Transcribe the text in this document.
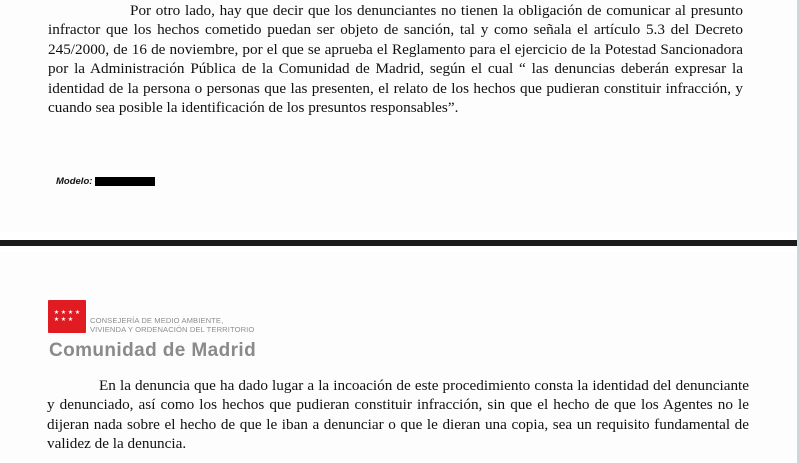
Por otro lado, hay que decir que los denunciantes no tienen la obligación de comunicar al presunto infractor que los hechos cometido puedan ser objeto de sanción, tal y como señala el artículo 5.3 del Decreto 245/2000, de 16 de noviembre, por el que se aprueba el Reglamento para el ejercicio de la Potestad Sancionadora por la Administración Pública de la Comunidad de Madrid, según el cual “ las denuncias deberán expresar la identidad de la persona o personas que las presenten, el relato de los hechos que pudieran constituir infracción, y cuando sea posible la identificación de los presuntos responsables”.

Modelo:
★ ★ ★ ★
★ ★ ★ CONSEJERÍA DE MEDIO AMBIENTE,
VIVIENDA Y ORDENACIÓN DEL TERRITORIO
Comunidad de Madrid

En la denuncia que ha dado lugar a la incoación de este procedimiento consta la identidad del denunciante y denunciado, así como los hechos que pudieran constituir infracción, sin que el hecho de que los Agentes no le dijeran nada sobre el hecho de que le iban a denunciar o que le dieran una copia, sea un requisito fundamental de validez de la denuncia.
